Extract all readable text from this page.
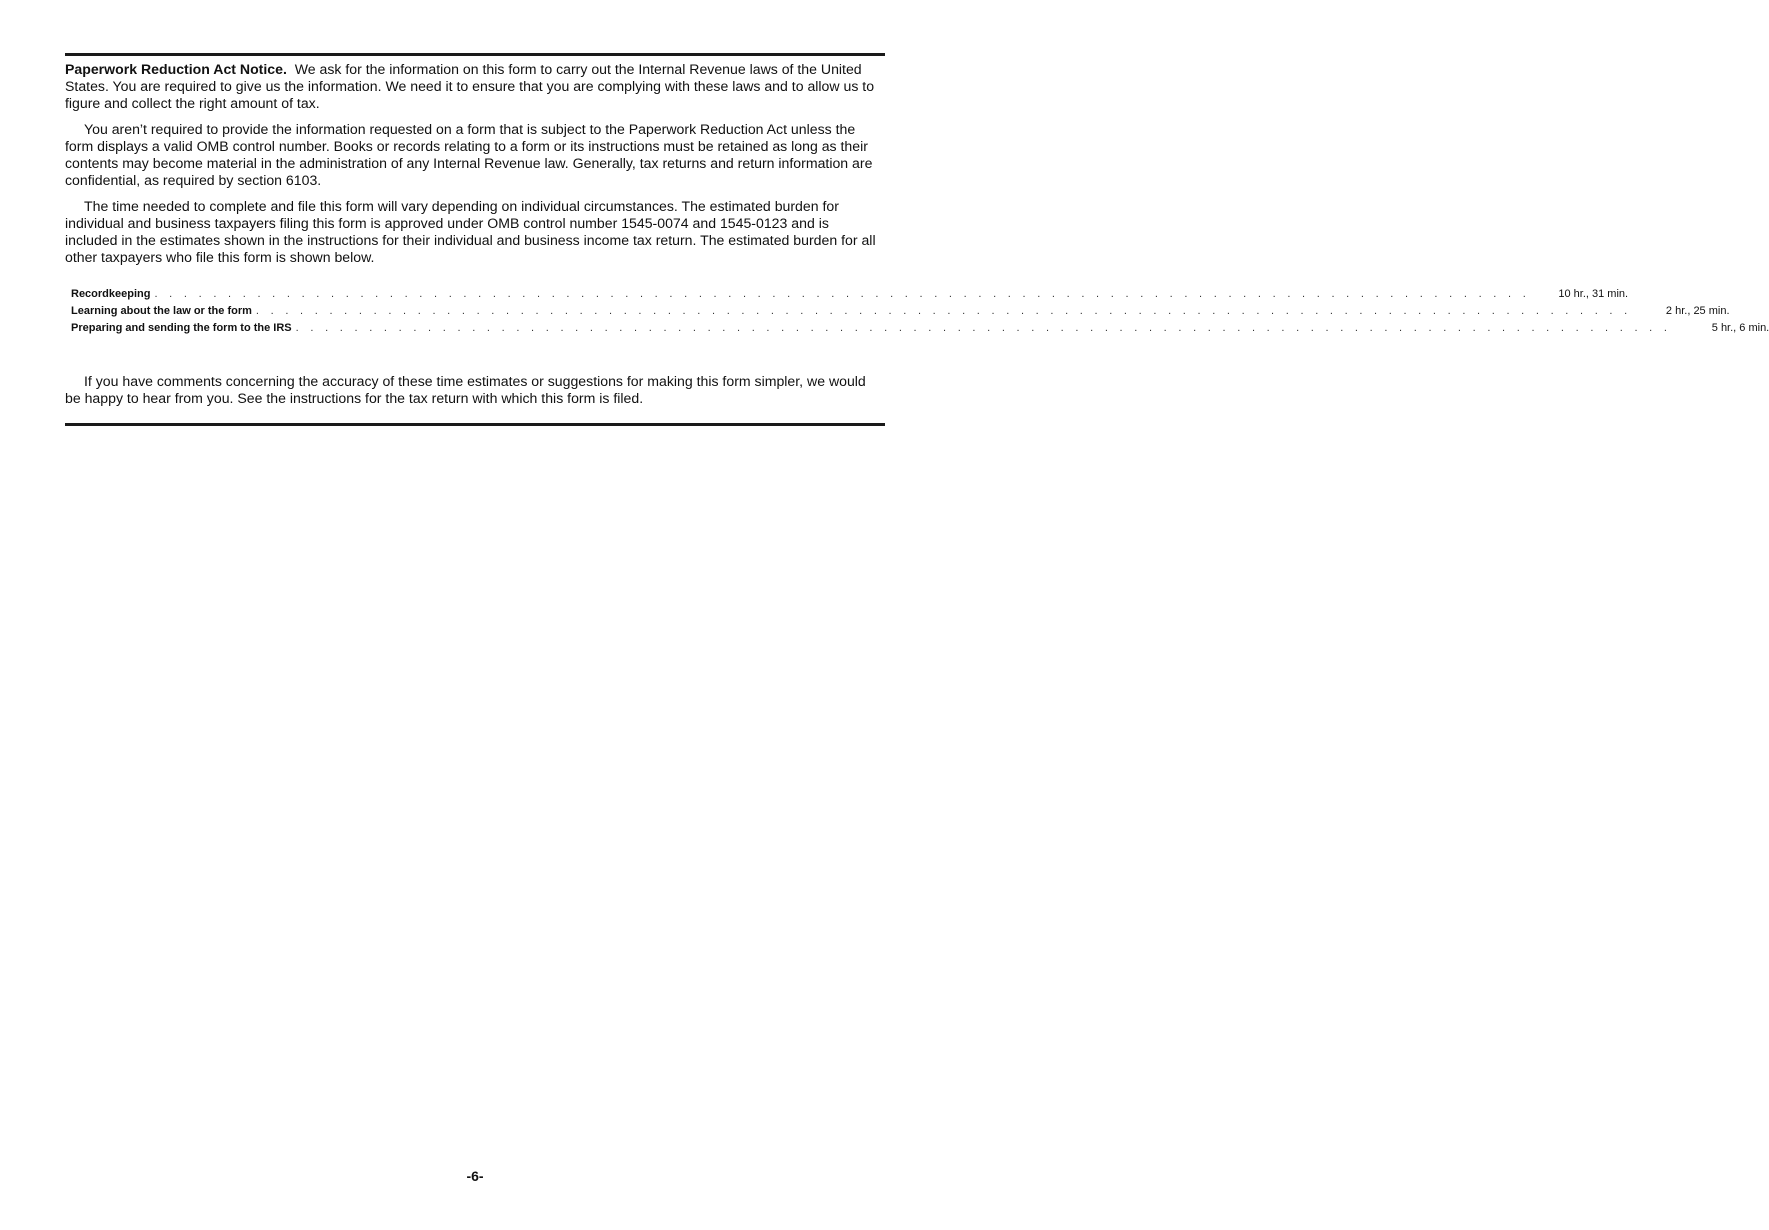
Paperwork Reduction Act Notice. We ask for the information on this form to carry out the Internal Revenue laws of the United States. You are required to give us the information. We need it to ensure that you are complying with these laws and to allow us to figure and collect the right amount of tax.

You aren’t required to provide the information requested on a form that is subject to the Paperwork Reduction Act unless the form displays a valid OMB control number. Books or records relating to a form or its instructions must be retained as long as their contents may become material in the administration of any Internal Revenue law. Generally, tax returns and return information are confidential, as required by section 6103.

The time needed to complete and file this form will vary depending on individual circumstances. The estimated burden for individual and business taxpayers filing this form is approved under OMB control number 1545-0074 and 1545-0123 and is included in the estimates shown in the instructions for their individual and business income tax return. The estimated burden for all other taxpayers who file this form is shown below.

Recordkeeping . . . . . . . . . . . . . . . . . . . . . . . . . . . . . . . . . . . . . . . . . . . . . . . . . . . . . . . . . . . . . . . . . . . . . . . . . . . . . . . . . . . . . . . . . . . . . .	10 hr., 31 min.
Learning about the law or the form . . . . . . . . . . . . . . . . . . . . . . . . . . . . . . . . . . . . . . . . . . . . . . . . . . . . . . . . . . . . . . . . . . . . . . . . . . . . . . . . . . . . . . . . . . . . . .	2 hr., 25 min.
Preparing and sending the form to the IRS . . . . . . . . . . . . . . . . . . . . . . . . . . . . . . . . . . . . . . . . . . . . . . . . . . . . . . . . . . . . . . . . . . . . . . . . . . . . . . . . . . . . . . . . . . . . . .	5 hr., 6 min.

If you have comments concerning the accuracy of these time estimates or suggestions for making this form simpler, we would be happy to hear from you. See the instructions for the tax return with which this form is filed.

-6-
